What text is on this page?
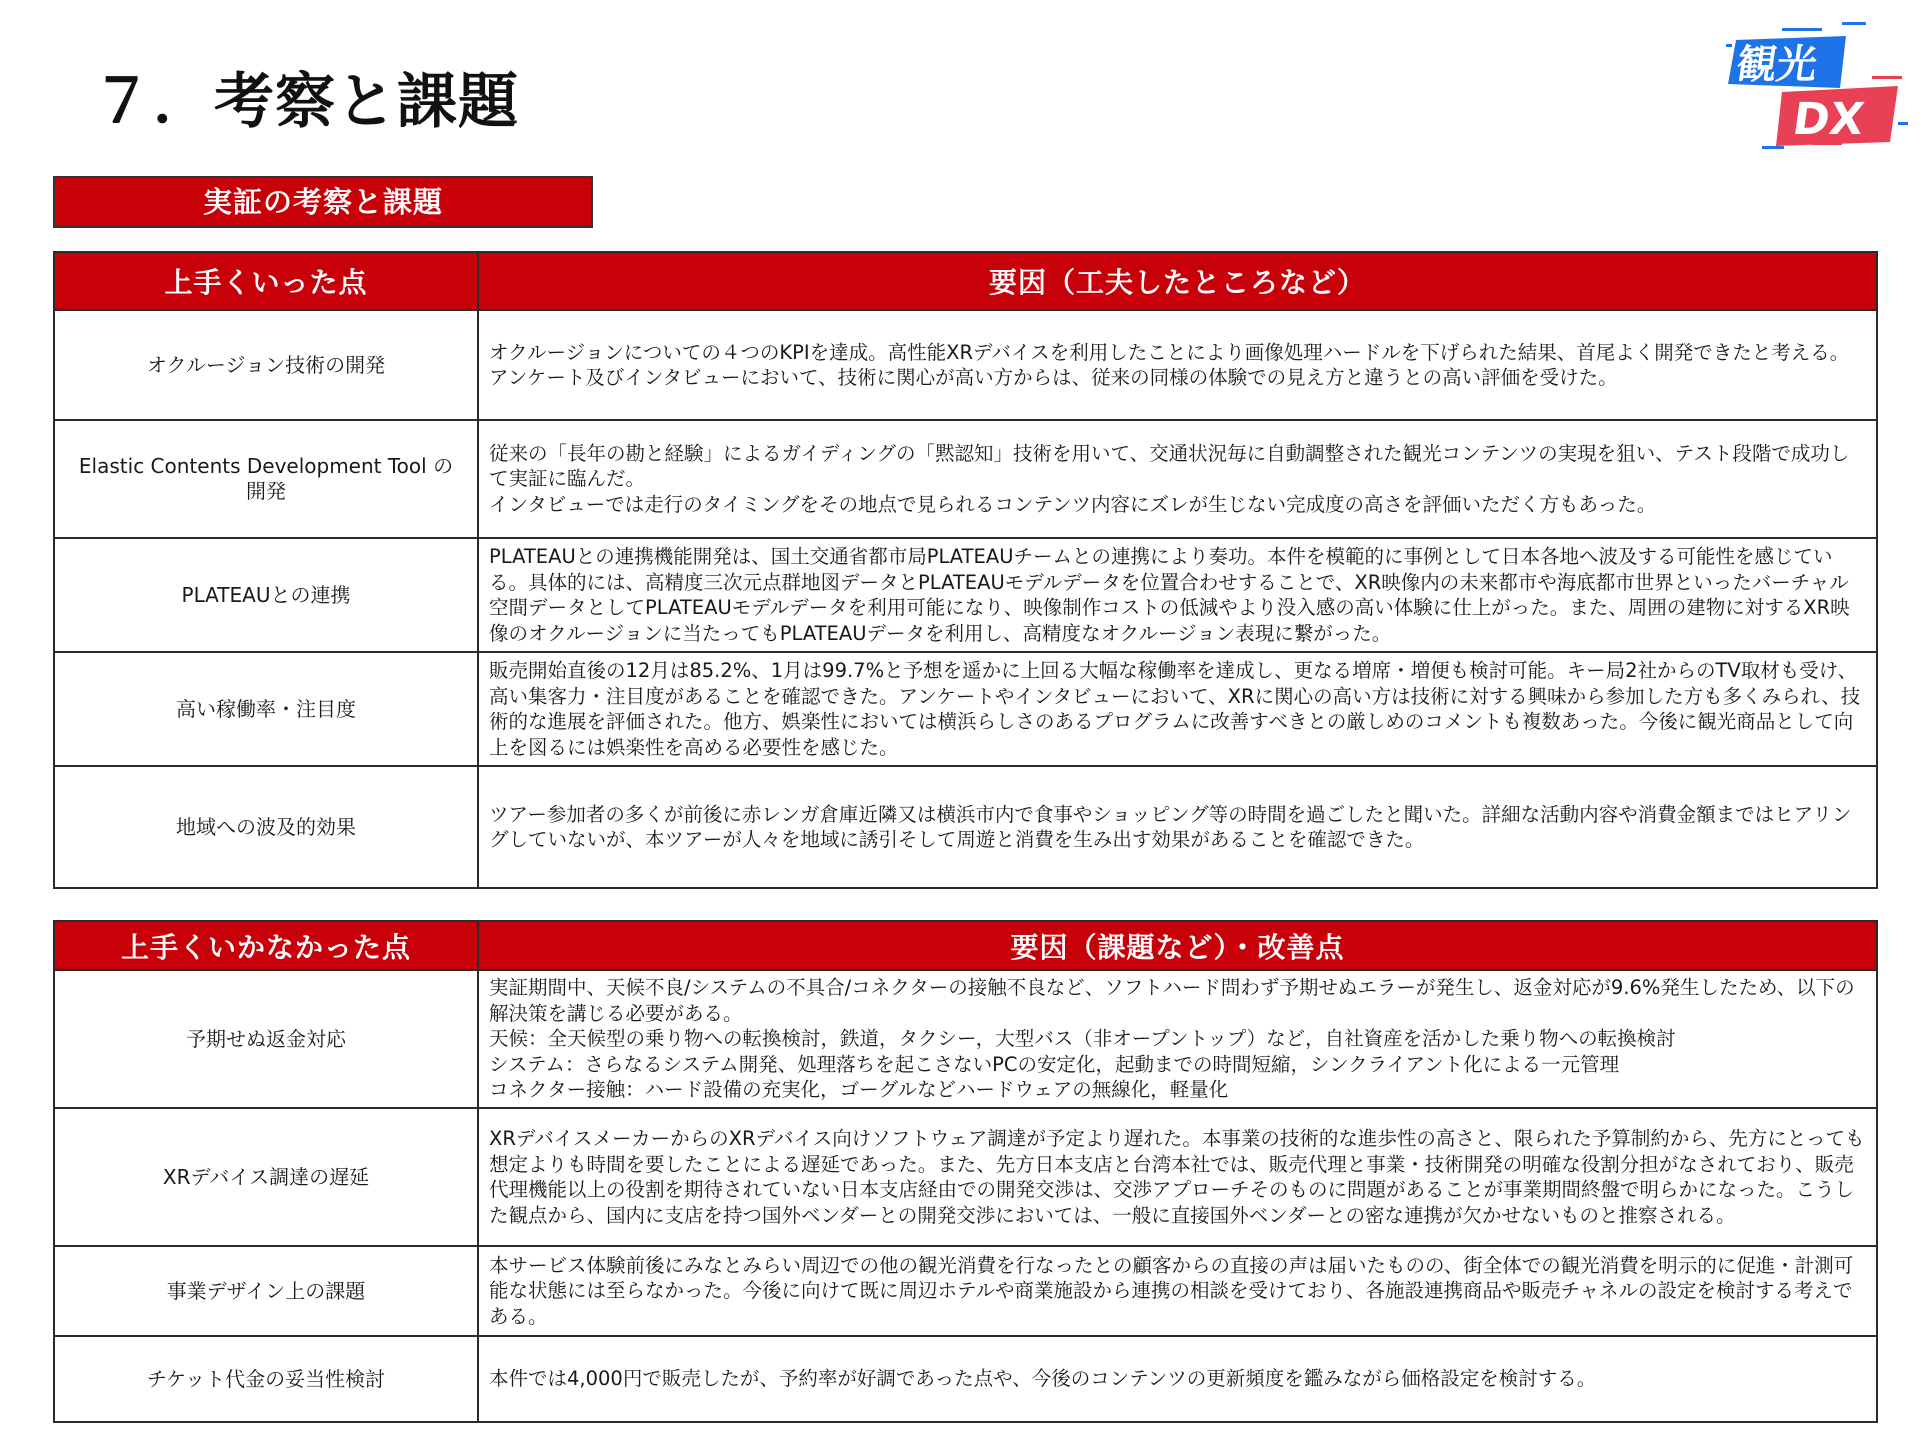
７．考察と課題
観光
DX
実証の考察と課題
上手くいった点	要因（工夫したところなど）
オクルージョン技術の開発	オクルージョンについての４つのKPIを達成。高性能XRデバイスを利用したことにより画像処理ハードルを下げられた結果、首尾よく開発できたと考える。アンケート及びインタビューにおいて、技術に関心が高い方からは、従来の同様の体験での見え方と違うとの高い評価を受けた。

Elastic Contents Development Tool の開発	従来の「長年の勘と経験」によるガイディングの「黙認知」技術を用いて、交通状況毎に自動調整された観光コンテンツの実現を狙い、テスト段階で成功して実証に臨んだ。
インタビューでは走行のタイミングをその地点で見られるコンテンツ内容にズレが生じない完成度の高さを評価いただく方もあった。

PLATEAUとの連携	PLATEAUとの連携機能開発は、国土交通省都市局PLATEAUチームとの連携により奏功。本件を模範的に事例として日本各地へ波及する可能性を感じている。具体的には、高精度三次元点群地図データとPLATEAUモデルデータを位置合わせすることで、XR映像内の未来都市や海底都市世界といったバーチャル空間データとしてPLATEAUモデルデータを利用可能になり、映像制作コストの低減やより没入感の高い体験に仕上がった。また、周囲の建物に対するXR映像のオクルージョンに当たってもPLATEAUデータを利用し、高精度なオクルージョン表現に繋がった。

高い稼働率・注目度	販売開始直後の12月は85.2%、1月は99.7%と予想を遥かに上回る大幅な稼働率を達成し、更なる増席・増便も検討可能。キー局2社からのTV取材も受け、高い集客力・注目度があることを確認できた。アンケートやインタビューにおいて、XRに関心の高い方は技術に対する興味から参加した方も多くみられ、技術的な進展を評価された。他方、娯楽性においては横浜らしさのあるプログラムに改善すべきとの厳しめのコメントも複数あった。今後に観光商品として向上を図るには娯楽性を高める必要性を感じた。

地域への波及的効果	ツアー参加者の多くが前後に赤レンガ倉庫近隣又は横浜市内で食事やショッピング等の時間を過ごしたと聞いた。詳細な活動内容や消費金額まではヒアリングしていないが、本ツアーが人々を地域に誘引そして周遊と消費を生み出す効果があることを確認できた。
上手くいかなかった点	要因（課題など）・改善点
予期せぬ返金対応	実証期間中、天候不良/システムの不具合/コネクターの接触不良など、ソフトハード問わず予期せぬエラーが発生し、返金対応が9.6%発生したため、以下の解決策を講じる必要がある。
天候：全天候型の乗り物への転換検討，鉄道，タクシー，大型バス（非オープントップ）など，自社資産を活かした乗り物への転換検討
システム：さらなるシステム開発、処理落ちを起こさないPCの安定化，起動までの時間短縮，シンクライアント化による一元管理
コネクター接触：ハード設備の充実化，ゴーグルなどハードウェアの無線化，軽量化

XRデバイス調達の遅延	XRデバイスメーカーからのXRデバイス向けソフトウェア調達が予定より遅れた。本事業の技術的な進歩性の高さと、限られた予算制約から、先方にとっても想定よりも時間を要したことによる遅延であった。また、先方日本支店と台湾本社では、販売代理と事業・技術開発の明確な役割分担がなされており、販売代理機能以上の役割を期待されていない日本支店経由での開発交渉は、交渉アプローチそのものに問題があることが事業期間終盤で明らかになった。こうした観点から、国内に支店を持つ国外ベンダーとの開発交渉においては、一般に直接国外ベンダーとの密な連携が欠かせないものと推察される。

事業デザイン上の課題	本サービス体験前後にみなとみらい周辺での他の観光消費を行なったとの顧客からの直接の声は届いたものの、街全体での観光消費を明示的に促進・計測可能な状態には至らなかった。今後に向けて既に周辺ホテルや商業施設から連携の相談を受けており、各施設連携商品や販売チャネルの設定を検討する考えである。

チケット代金の妥当性検討	本件では4,000円で販売したが、予約率が好調であった点や、今後のコンテンツの更新頻度を鑑みながら価格設定を検討する。
